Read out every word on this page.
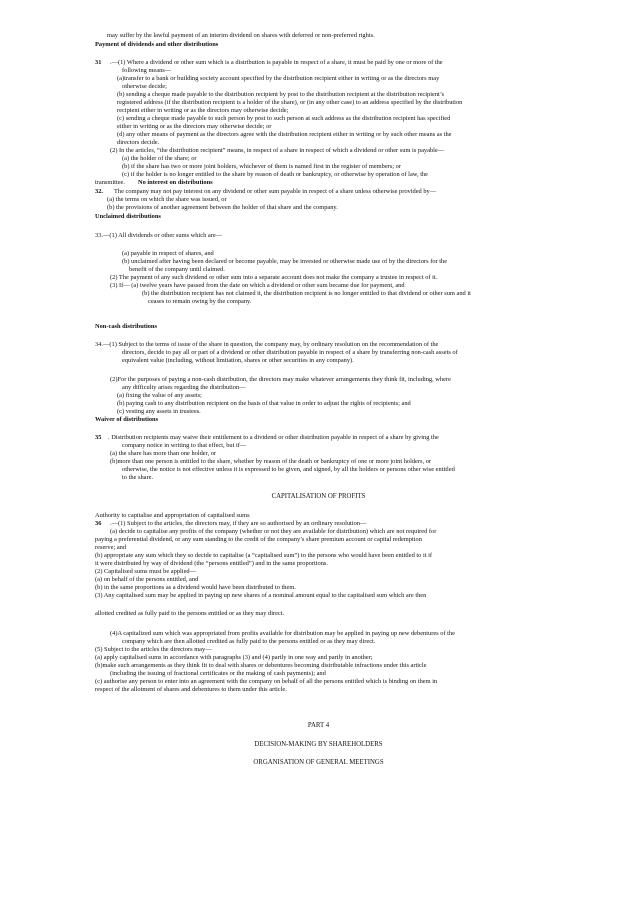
may suffer by the lawful payment of an interim dividend on shares with deferred or non-preferred rights.
Payment of dividends and other distributions
31 .—(1) Where a dividend or other sum which is a distribution is payable in respect of a share, it must be paid by one or more of the
following means—
(a)transfer to a bank or building society account specified by the distribution recipient either in writing or as the directors may
otherwise decide;
(b) sending a cheque made payable to the distribution recipient by post to the distribution recipient at the distribution recipient’s
registered address (if the distribution recipient is a holder of the share), or (in any other case) to an address specified by the distribution
recipient either in writing or as the directors may otherwise decide;
(c) sending a cheque made payable to such person by post to such person at such address as the distribution recipient has specified
either in writing or as the directors may otherwise decide; or
(d) any other means of payment as the directors agree with the distribution recipient either in writing or by such other means as the
directors decide.
(2) In the articles, “the distribution recipient” means, in respect of a share in respect of which a dividend or other sum is payable—
(a) the holder of the share; or
(b) if the share has two or more joint holders, whichever of them is named first in the register of members; or
(c) if the holder is no longer entitled to the share by reason of death or bankruptcy, or otherwise by operation of law, the
transmittee. No interest on distributions
32. The company may not pay interest on any dividend or other sum payable in respect of a share unless otherwise provided by—
(a) the terms on which the share was issued, or
(b) the provisions of another agreement between the holder of that share and the company.
Unclaimed distributions
33.—(1) All dividends or other sums which are—
(a) payable in respect of shares, and
(b) unclaimed after having been declared or become payable, may be invested or otherwise made use of by the directors for the
benefit of the company until claimed.
(2) The payment of any such dividend or other sum into a separate account does not make the company a trustee in respect of it.
(3) If— (a) twelve years have passed from the date on which a dividend or other sum became due for payment, and
(b) the distribution recipient has not claimed it, the distribution recipient is no longer entitled to that dividend or other sum and it
ceases to remain owing by the company.
Non-cash distributions
34.—(1) Subject to the terms of issue of the share in question, the company may, by ordinary resolution on the recommendation of the
directors, decide to pay all or part of a dividend or other distribution payable in respect of a share by transferring non-cash assets of
equivalent value (including, without limitation, shares or other securities in any company).
(2)For the purposes of paying a non-cash distribution, the directors may make whatever arrangements they think fit, including, where
any difficulty arises regarding the distribution—
(a) fixing the value of any assets;
(b) paying cash to any distribution recipient on the basis of that value in order to adjust the rights of recipients; and
(c) vesting any assets in trustees.
Waiver of distributions
35 . Distribution recipients may waive their entitlement to a dividend or other distribution payable in respect of a share by giving the
company notice in writing to that effect, but if—
(a) the share has more than one holder, or
(b)more than one person is entitled to the share, whether by reason of the death or bankruptcy of one or more joint holders, or
otherwise, the notice is not effective unless it is expressed to be given, and signed, by all the holders or persons other wise entitled
to the share.
CAPITALISATION OF PROFITS
Authority to capitalise and appropriation of capitalised sums
36 .—(1) Subject to the articles, the directors may, if they are so authorised by an ordinary resolution—
(a) decide to capitalise any profits of the company (whether or not they are available for distribution) which are not required for
paying a preferential dividend, or any sum standing to the credit of the company’s share premium account or capital redemption
reserve; and
(b) appropriate any sum which they so decide to capitalise (a “capitalised sum”) to the persons who would have been entitled to it if
it were distributed by way of dividend (the “persons entitled”) and in the same proportions.
(2) Capitalised sums must be applied—
(a) on behalf of the persons entitled, and
(b) in the same proportions as a dividend would have been distributed to them.
(3) Any capitalised sum may be applied in paying up new shares of a nominal amount equal to the capitalised sum which are then
allotted credited as fully paid to the persons entitled or as they may direct.
(4)A capitalized sum which was appropriated from profits available for distribution may be applied in paying up new debentures of the
company which are then allotted credited as fully paid to the persons entitled or as they may direct.
(5) Subject to the articles the directors may—
(a) apply capitalised sums in accordance with paragraphs (3) and (4) partly in one way and partly in another;
(b)make such arrangements as they think fit to deal with shares or debentures becoming distributable infractions under this article
(including the issuing of fractional certificates or the making of cash payments); and
(c) authorise any person to enter into an agreement with the company on behalf of all the persons entitled which is binding on them in
respect of the allotment of shares and debentures to them under this article.
PART 4
DECISION-MAKING BY SHAREHOLDERS
ORGANISATION OF GENERAL MEETINGS
